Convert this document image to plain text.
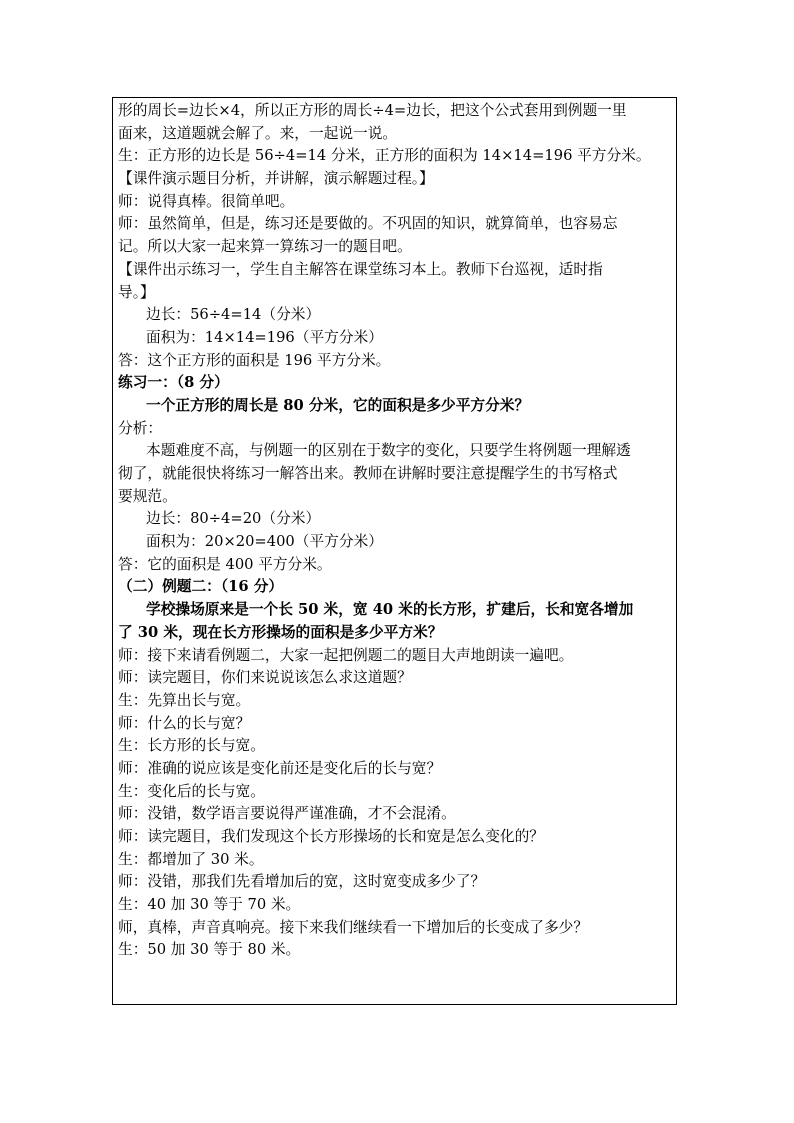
形的周长=边长×4，所以正方形的周长÷4=边长，把这个公式套用到例题一里
面来，这道题就会解了。来，一起说一说。
生：正方形的边长是 56÷4=14 分米，正方形的面积为 14×14=196 平方分米。
【课件演示题目分析，并讲解，演示解题过程。】
师：说得真棒。很简单吧。
师：虽然简单，但是，练习还是要做的。不巩固的知识，就算简单，也容易忘
记。所以大家一起来算一算练习一的题目吧。
【课件出示练习一，学生自主解答在课堂练习本上。教师下台巡视，适时指
导。】
边长：56÷4=14（分米）
面积为：14×14=196（平方分米）
答：这个正方形的面积是 196 平方分米。
练习一：（8 分）
一个正方形的周长是 80 分米，它的面积是多少平方分米？
分析：
本题难度不高，与例题一的区别在于数字的变化，只要学生将例题一理解透
彻了，就能很快将练习一解答出来。教师在讲解时要注意提醒学生的书写格式
要规范。
边长：80÷4=20（分米）
面积为：20×20=400（平方分米）
答：它的面积是 400 平方分米。
（二）例题二：（16 分）
学校操场原来是一个长 50 米，宽 40 米的长方形，扩建后，长和宽各增加
了 30 米，现在长方形操场的面积是多少平方米？
师：接下来请看例题二，大家一起把例题二的题目大声地朗读一遍吧。
师：读完题目，你们来说说该怎么求这道题？
生：先算出长与宽。
师：什么的长与宽？
生：长方形的长与宽。
师：准确的说应该是变化前还是变化后的长与宽？
生：变化后的长与宽。
师：没错，数学语言要说得严谨准确，才不会混淆。
师：读完题目，我们发现这个长方形操场的长和宽是怎么变化的？
生：都增加了 30 米。
师：没错，那我们先看增加后的宽，这时宽变成多少了？
生：40 加 30 等于 70 米。
师，真棒，声音真响亮。接下来我们继续看一下增加后的长变成了多少？
生：50 加 30 等于 80 米。
